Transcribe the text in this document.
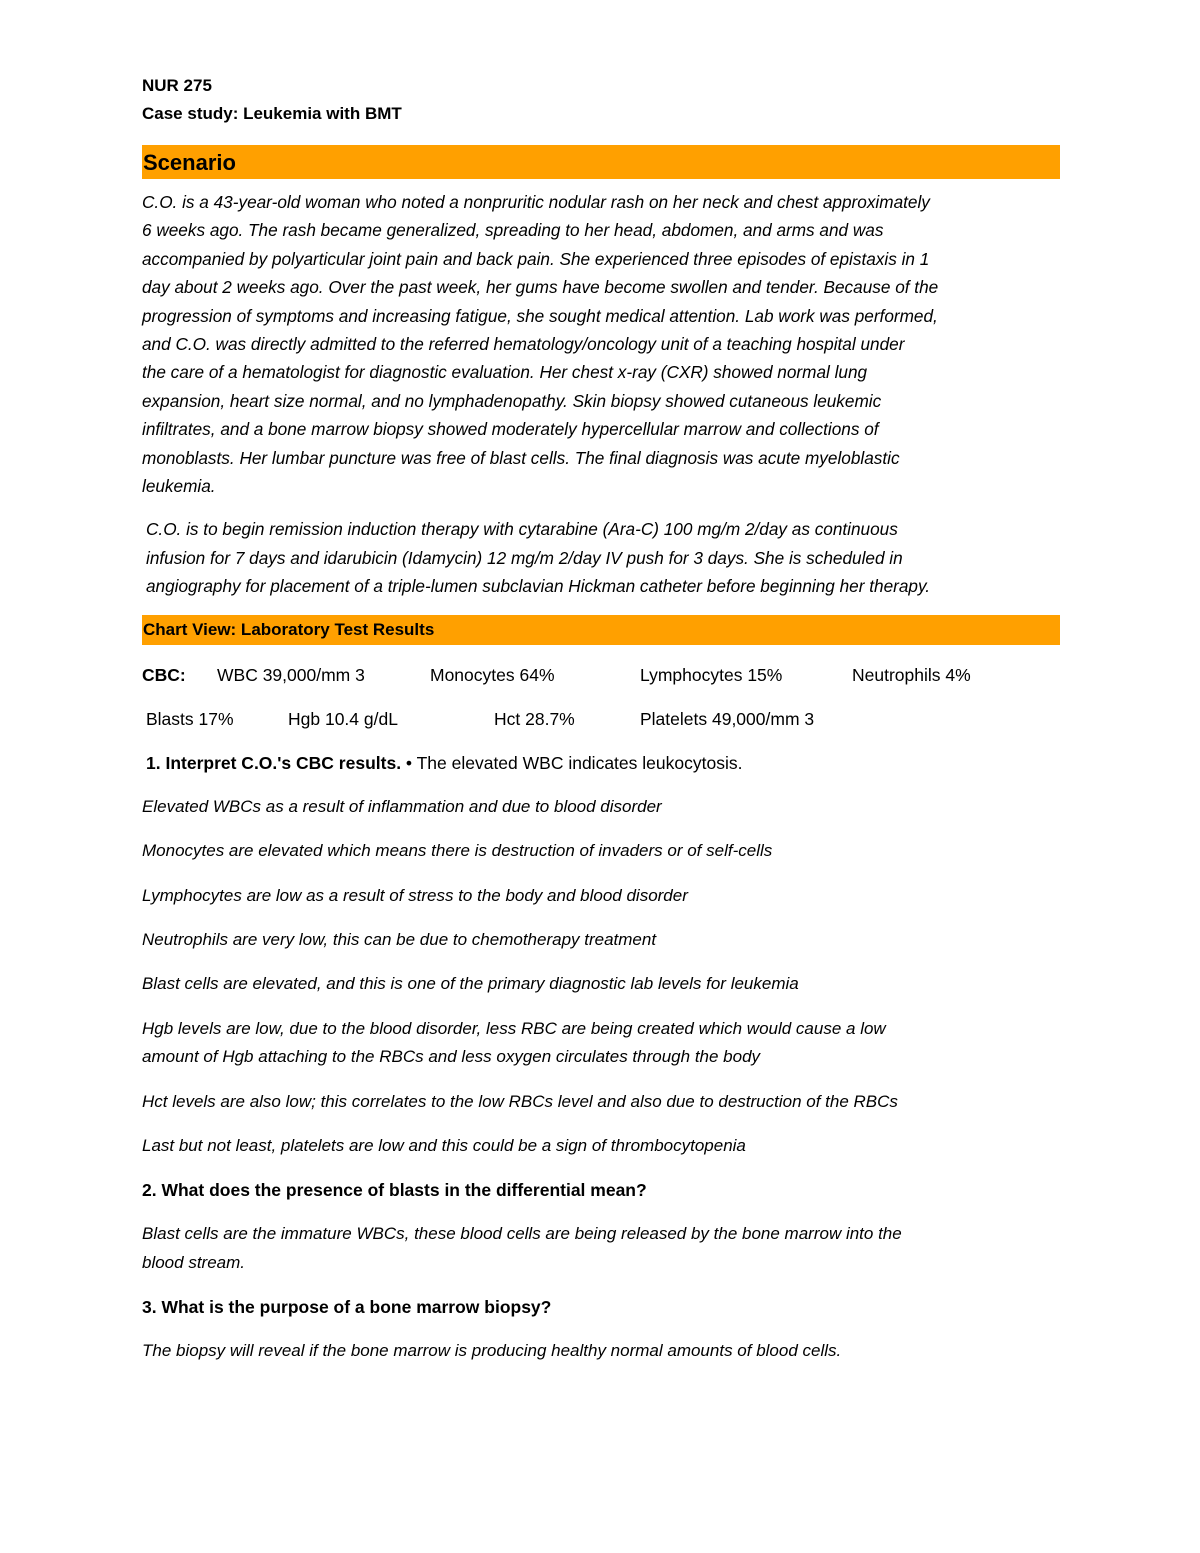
NUR 275

Case study: Leukemia with BMT

Scenario

C.O. is a 43-year-old woman who noted a nonpruritic nodular rash on her neck and chest approximately
6 weeks ago. The rash became generalized, spreading to her head, abdomen, and arms and was
accompanied by polyarticular joint pain and back pain. She experienced three episodes of epistaxis in 1
day about 2 weeks ago. Over the past week, her gums have become swollen and tender. Because of the
progression of symptoms and increasing fatigue, she sought medical attention. Lab work was performed,
and C.O. was directly admitted to the referred hematology/oncology unit of a teaching hospital under
the care of a hematologist for diagnostic evaluation. Her chest x-ray (CXR) showed normal lung
expansion, heart size normal, and no lymphadenopathy. Skin biopsy showed cutaneous leukemic
infiltrates, and a bone marrow biopsy showed moderately hypercellular marrow and collections of
monoblasts. Her lumbar puncture was free of blast cells. The final diagnosis was acute myeloblastic
leukemia.

C.O. is to begin remission induction therapy with cytarabine (Ara-C) 100 mg/m 2/day as continuous
infusion for 7 days and idarubicin (Idamycin) 12 mg/m 2/day IV push for 3 days. She is scheduled in
angiography for placement of a triple-lumen subclavian Hickman catheter before beginning her therapy.

Chart View: Laboratory Test Results
CBC: WBC 39,000/mm 3	Monocytes 64%	Lymphocytes 15%	Neutrophils 4%
Blasts 17%	Hgb 10.4 g/dL	Hct 28.7%	Platelets 49,000/mm 3

1. Interpret C.O.'s CBC results. • The elevated WBC indicates leukocytosis.

Elevated WBCs as a result of inflammation and due to blood disorder

Monocytes are elevated which means there is destruction of invaders or of self-cells

Lymphocytes are low as a result of stress to the body and blood disorder

Neutrophils are very low, this can be due to chemotherapy treatment

Blast cells are elevated, and this is one of the primary diagnostic lab levels for leukemia

Hgb levels are low, due to the blood disorder, less RBC are being created which would cause a low
amount of Hgb attaching to the RBCs and less oxygen circulates through the body

Hct levels are also low; this correlates to the low RBCs level and also due to destruction of the RBCs

Last but not least, platelets are low and this could be a sign of thrombocytopenia

2. What does the presence of blasts in the differential mean?

Blast cells are the immature WBCs, these blood cells are being released by the bone marrow into the
blood stream.

3. What is the purpose of a bone marrow biopsy?

The biopsy will reveal if the bone marrow is producing healthy normal amounts of blood cells.
